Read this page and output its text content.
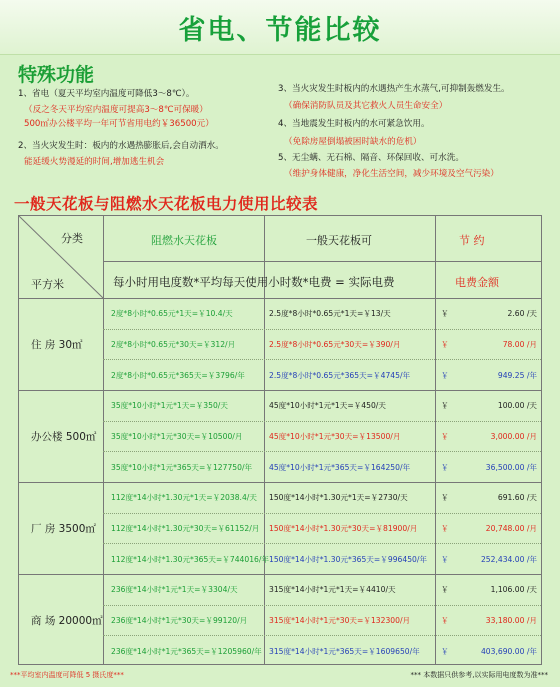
省电、节能比较
特殊功能
1、省电（夏天平均室内温度可降低3～8℃）。
（反之冬天平均室内温度可提高3～8℃可保暖）
500㎡办公楼平均一年可节省用电约￥36500元）
2、当火灾发生时：板内的水遇热膨胀后,会自动洒水。
能延缓火势漫延的时间,增加逃生机会
3、当火灾发生时板内的水遇热产生水蒸气,可抑制轰燃发生。
（确保消防队员及其它救火人员生命安全）
4、当地震发生时板内的水可紧急饮用。
（免除房屋倒塌被困时缺水的危机）
5、无尘螨、无石棉、隔音、环保回收、可水洗。
（维护身体健康，净化生活空间，减少环境及空气污染）
一般天花板与阻燃水天花板电力使用比较表
分类
平方米
阻燃水天花板	一般天花板可	节 约
每小时用电度数*平均每天使用小时数*电费 = 实际电费	电费金额
住 房 30㎡
2度*8小时*0.65元*1天=￥10.4/天	2.5度*8小时*0.65元*1天=￥13/天	￥	2.60 /天
2度*8小时*0.65元*30天=￥312/月	2.5度*8小时*0.65元*30天=￥390/月	￥	78.00 /月
2度*8小时*0.65元*365天=￥3796/年	2.5度*8小时*0.65元*365天=￥4745/年	￥	949.25 /年
办公楼 500㎡
35度*10小时*1元*1天=￥350/天	45度*10小时*1元*1天=￥450/天	￥	100.00 /天
35度*10小时*1元*30天=￥10500/月	45度*10小时*1元*30天=￥13500/月	￥	3,000.00 /月
35度*10小时*1元*365天=￥127750/年 45度*10小时*1元*365天=￥164250/年	￥	36,500.00 /年
厂 房 3500㎡
112度*14小时*1.30元*1天=￥2038.4/天 150度*14小时*1.30元*1天=￥2730/天	￥	691.60 /天
112度*14小时*1.30元*30天=￥61152/月 150度*14小时*1.30元*30天=￥81900/月	￥	20,748.00 /月
112度*14小时*1.30元*365天=￥744016/年 150度*14小时*1.30元*365天=￥996450/年 ￥	252,434.00 /年
商 场 20000㎡
236度*14小时*1元*1天=￥3304/天	315度*14小时*1元*1天=￥4410/天	￥	1,106.00 /天
236度*14小时*1元*30天=￥99120/月	315度*14小时*1元*30天=￥132300/月	￥	33,180.00 /月
236度*14小时*1元*365天=￥1205960/年 315度*14小时*1元*365天=￥1609650/年	￥	403,690.00 /年
***平均室内温度可降低 5 摄氏度***	*** 本数据只供参考,以实际用电度数为准***
